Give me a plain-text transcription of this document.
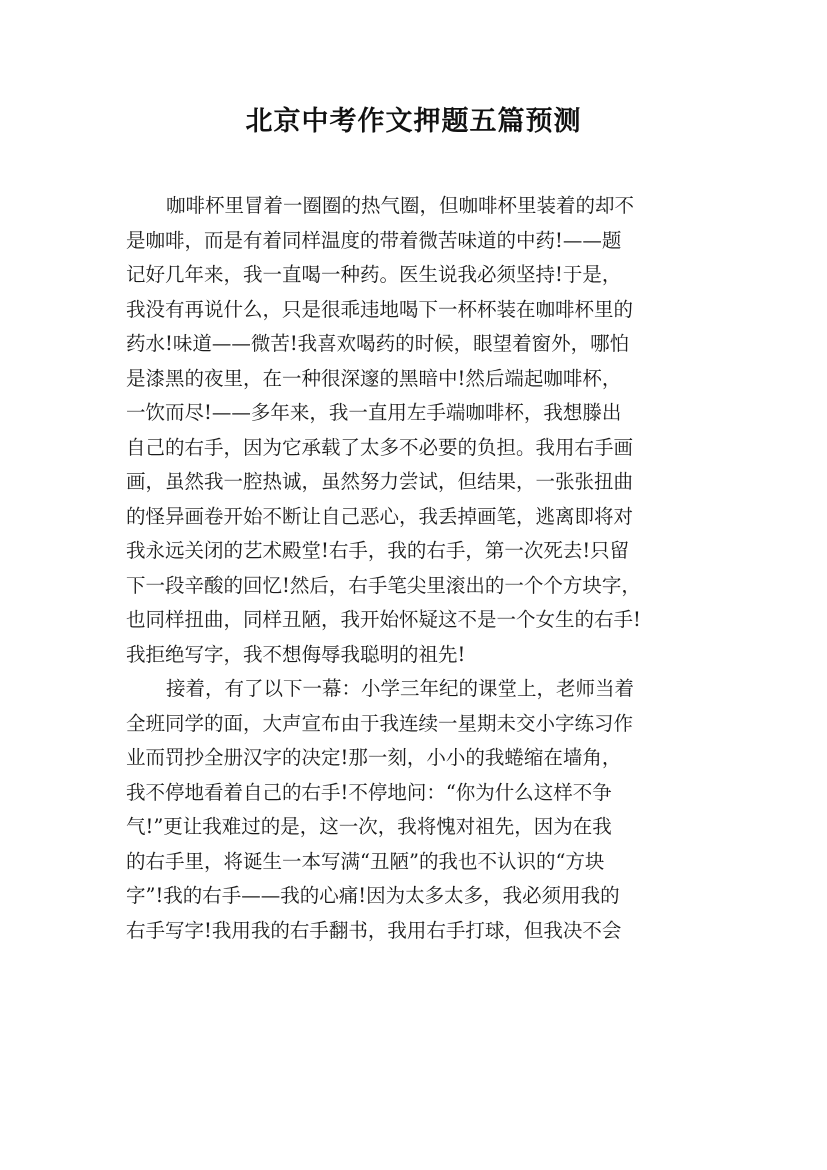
北京中考作文押题五篇预测
咖啡杯里冒着一圈圈的热气圈，但咖啡杯里装着的却不
是咖啡，而是有着同样温度的带着微苦味道的中药!——题
记好几年来，我一直喝一种药。医生说我必须坚持!于是，
我没有再说什么，只是很乖违地喝下一杯杯装在咖啡杯里的
药水!味道——微苦!我喜欢喝药的时候，眼望着窗外，哪怕
是漆黑的夜里，在一种很深邃的黑暗中!然后端起咖啡杯，
一饮而尽!——多年来，我一直用左手端咖啡杯，我想滕出
自己的右手，因为它承载了太多不必要的负担。我用右手画
画，虽然我一腔热诚，虽然努力尝试，但结果，一张张扭曲
的怪异画卷开始不断让自己恶心，我丢掉画笔，逃离即将对
我永远关闭的艺术殿堂!右手，我的右手，第一次死去!只留
下一段辛酸的回忆!然后，右手笔尖里滚出的一个个方块字，
也同样扭曲，同样丑陋，我开始怀疑这不是一个女生的右手!
我拒绝写字，我不想侮辱我聪明的祖先!
接着，有了以下一幕：小学三年纪的课堂上，老师当着
全班同学的面，大声宣布由于我连续一星期未交小字练习作
业而罚抄全册汉字的决定!那一刻，小小的我蜷缩在墙角，
我不停地看着自己的右手!不停地问：“你为什么这样不争
气!”更让我难过的是，这一次，我将愧对祖先，因为在我
的右手里，将诞生一本写满“丑陋”的我也不认识的“方块
字”!我的右手——我的心痛!因为太多太多，我必须用我的
右手写字!我用我的右手翻书，我用右手打球，但我决不会
